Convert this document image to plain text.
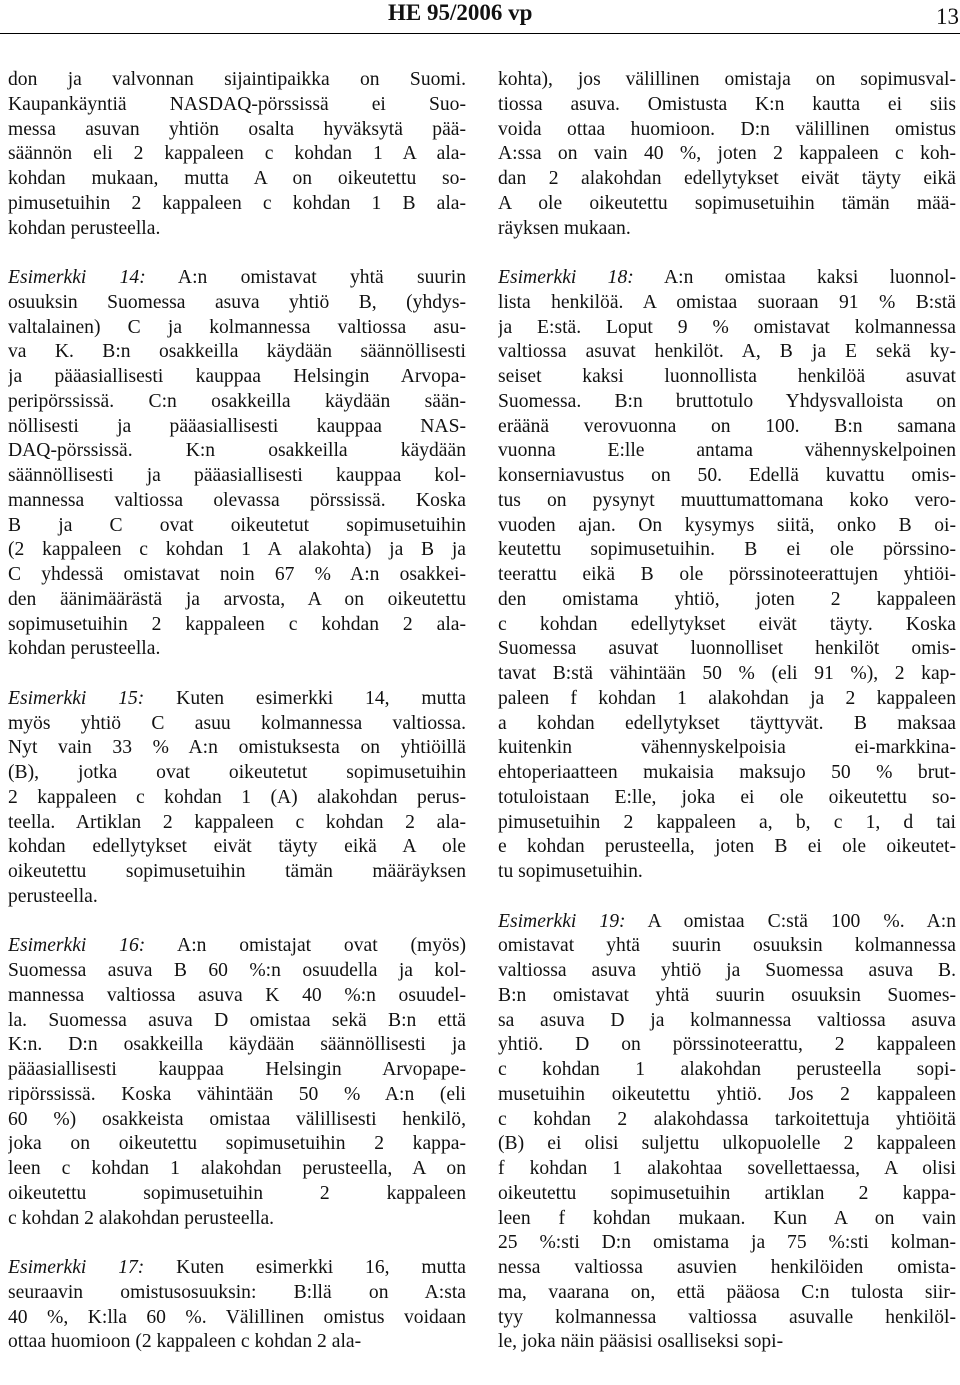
HE 95/2006 vp	13
don ja valvonnan sijaintipaikka on Suomi.
Kaupankäyntiä NASDAQ-pörssissä ei Suo-
messa asuvan yhtiön osalta hyväksytä pää-
säännön eli 2 kappaleen c kohdan 1 A ala-
kohdan mukaan, mutta A on oikeutettu so-
pimusetuihin 2 kappaleen c kohdan 1 B ala-
kohdan perusteella.
Esimerkki 14: A:n omistavat yhtä suurin
osuuksin Suomessa asuva yhtiö B, (yhdys-
valtalainen) C ja kolmannessa valtiossa asu-
va K. B:n osakkeilla käydään säännöllisesti
ja pääasiallisesti kauppaa Helsingin Arvopa-
peripörssissä. C:n osakkeilla käydään sään-
nöllisesti ja pääasiallisesti kauppaa NAS-
DAQ-pörssissä. K:n osakkeilla käydään
säännöllisesti ja pääasiallisesti kauppaa kol-
mannessa valtiossa olevassa pörssissä. Koska
B ja C ovat oikeutetut sopimusetuihin
(2 kappaleen c kohdan 1 A alakohta) ja B ja
C yhdessä omistavat noin 67 % A:n osakkei-
den äänimäärästä ja arvosta, A on oikeutettu
sopimusetuihin 2 kappaleen c kohdan 2 ala-
kohdan perusteella.
Esimerkki 15: Kuten esimerkki 14, mutta
myös yhtiö C asuu kolmannessa valtiossa.
Nyt vain 33 % A:n omistuksesta on yhtiöillä
(B), jotka ovat oikeutetut sopimusetuihin
2 kappaleen c kohdan 1 (A) alakohdan perus-
teella. Artiklan 2 kappaleen c kohdan 2 ala-
kohdan edellytykset eivät täyty eikä A ole
oikeutettu sopimusetuihin tämän määräyksen
perusteella.
Esimerkki 16: A:n omistajat ovat (myös)
Suomessa asuva B 60 %:n osuudella ja kol-
mannessa valtiossa asuva K 40 %:n osuudel-
la. Suomessa asuva D omistaa sekä B:n että
K:n. D:n osakkeilla käydään säännöllisesti ja
pääasiallisesti kauppaa Helsingin Arvopape-
ripörssissä. Koska vähintään 50 % A:n (eli
60 %) osakkeista omistaa välillisesti henkilö,
joka on oikeutettu sopimusetuihin 2 kappa-
leen c kohdan 1 alakohdan perusteella, A on
oikeutettu sopimusetuihin 2 kappaleen
c kohdan 2 alakohdan perusteella.
Esimerkki 17: Kuten esimerkki 16, mutta
seuraavin omistusosuuksin: B:llä on A:sta
40 %, K:lla 60 %. Välillinen omistus voidaan
ottaa huomioon (2 kappaleen c kohdan 2 ala-
kohta), jos välillinen omistaja on sopimusval-
tiossa asuva. Omistusta K:n kautta ei siis
voida ottaa huomioon. D:n välillinen omistus
A:ssa on vain 40 %, joten 2 kappaleen c koh-
dan 2 alakohdan edellytykset eivät täyty eikä
A ole oikeutettu sopimusetuihin tämän mää-
räyksen mukaan.
Esimerkki 18: A:n omistaa kaksi luonnol-
lista henkilöä. A omistaa suoraan 91 % B:stä
ja E:stä. Loput 9 % omistavat kolmannessa
valtiossa asuvat henkilöt. A, B ja E sekä ky-
seiset kaksi luonnollista henkilöä asuvat
Suomessa. B:n bruttotulo Yhdysvalloista on
eräänä verovuonna on 100. B:n samana
vuonna E:lle antama vähennyskelpoinen
konserniavustus on 50. Edellä kuvattu omis-
tus on pysynyt muuttumattomana koko vero-
vuoden ajan. On kysymys siitä, onko B oi-
keutettu sopimusetuihin. B ei ole pörssino-
teerattu eikä B ole pörssinoteerattujen yhtiöi-
den omistama yhtiö, joten 2 kappaleen
c kohdan edellytykset eivät täyty. Koska
Suomessa asuvat luonnolliset henkilöt omis-
tavat B:stä vähintään 50 % (eli 91 %), 2 kap-
paleen f kohdan 1 alakohdan ja 2 kappaleen
a kohdan edellytykset täyttyvät. B maksaa
kuitenkin vähennyskelpoisia ei-markkina-
ehtoperiaatteen mukaisia maksujo 50 % brut-
totuloistaan E:lle, joka ei ole oikeutettu so-
pimusetuihin 2 kappaleen a, b, c 1, d tai
e kohdan perusteella, joten B ei ole oikeutet-
tu sopimusetuihin.
Esimerkki 19: A omistaa C:stä 100 %. A:n
omistavat yhtä suurin osuuksin kolmannessa
valtiossa asuva yhtiö ja Suomessa asuva B.
B:n omistavat yhtä suurin osuuksin Suomes-
sa asuva D ja kolmannessa valtiossa asuva
yhtiö. D on pörssinoteerattu, 2 kappaleen
c kohdan 1 alakohdan perusteella sopi-
musetuihin oikeutettu yhtiö. Jos 2 kappaleen
c kohdan 2 alakohdassa tarkoitettuja yhtiöitä
(B) ei olisi suljettu ulkopuolelle 2 kappaleen
f kohdan 1 alakohtaa sovellettaessa, A olisi
oikeutettu sopimusetuihin artiklan 2 kappa-
leen f kohdan mukaan. Kun A on vain
25 %:sti D:n omistama ja 75 %:sti kolman-
nessa valtiossa asuvien henkilöiden omista-
ma, vaarana on, että pääosa C:n tulosta siir-
tyy kolmannessa valtiossa asuvalle henkilöl-
le, joka näin pääsisi osalliseksi sopi-
